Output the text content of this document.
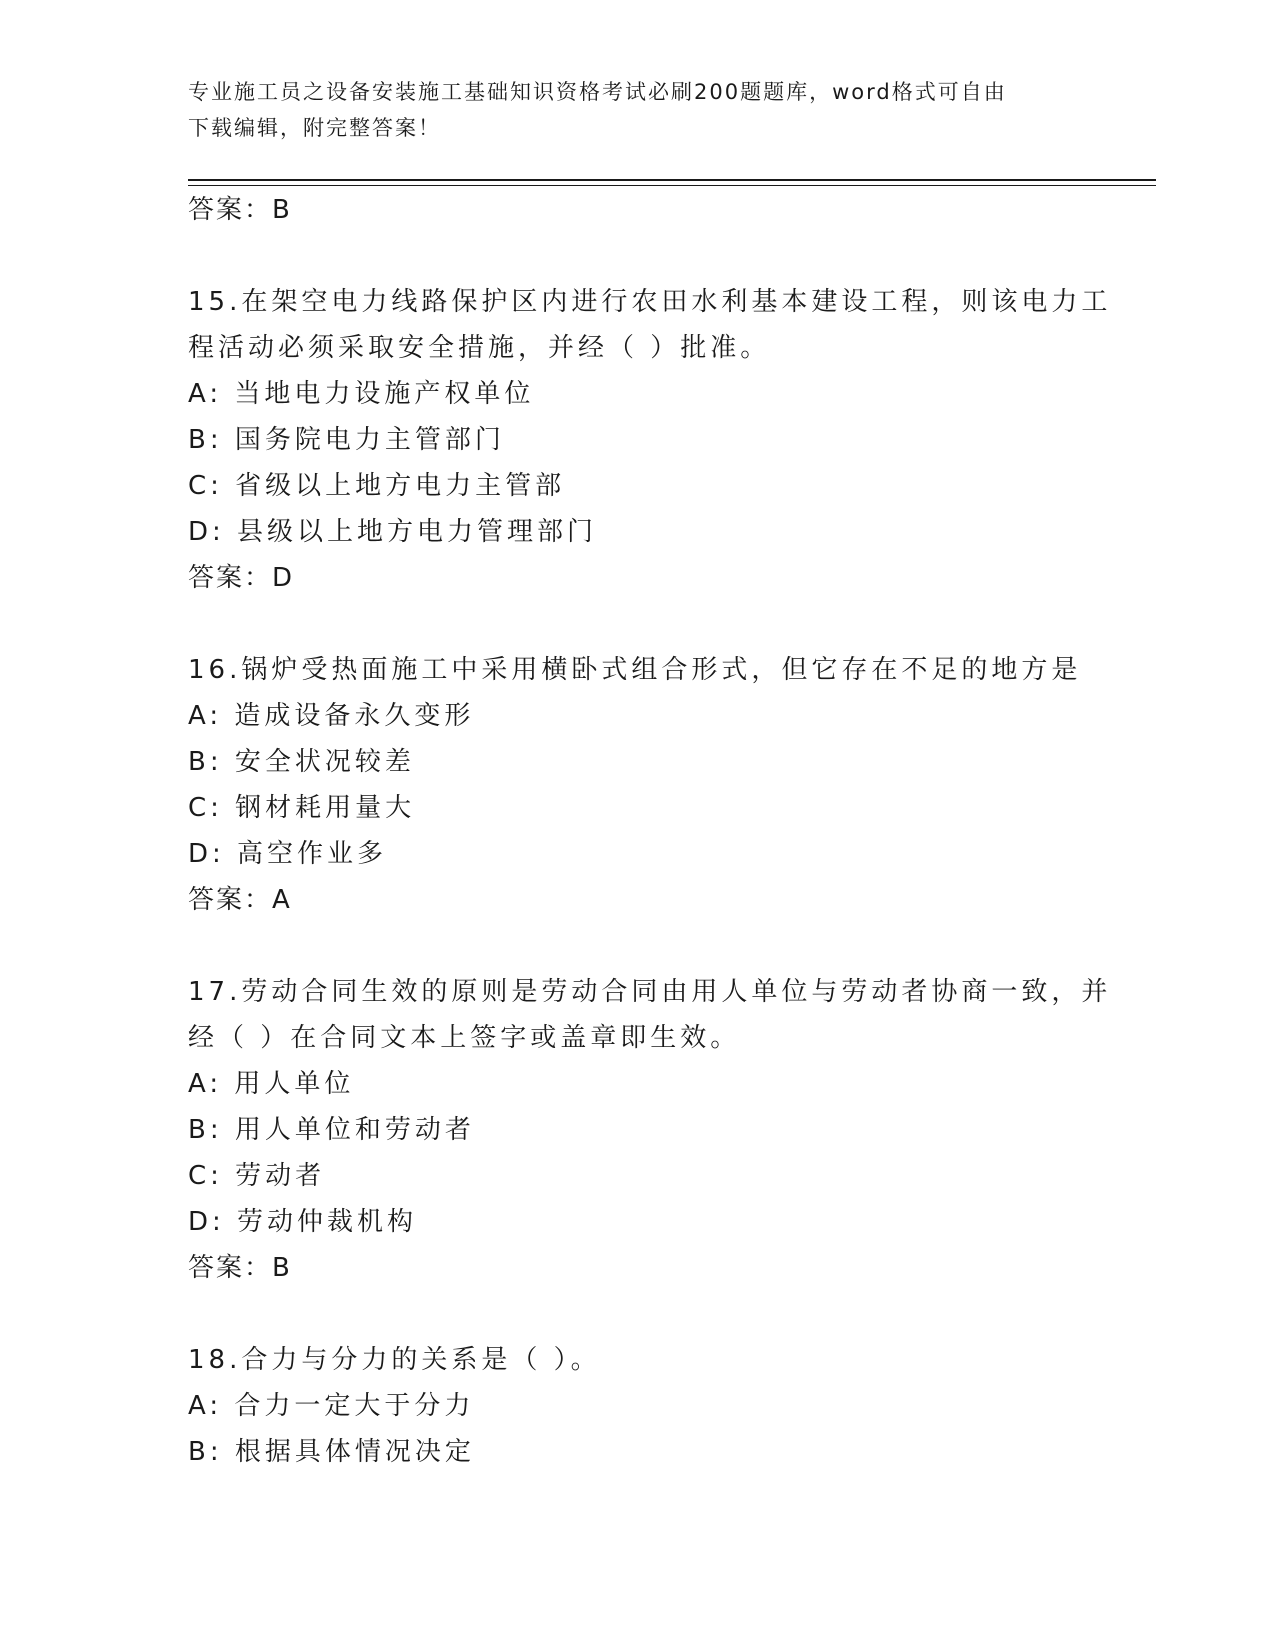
专业施工员之设备安装施工基础知识资格考试必刷200题题库，word格式可自由
下载编辑，附完整答案！
答案：B
15.在架空电力线路保护区内进行农田水利基本建设工程，则该电力工
程活动必须采取安全措施，并经（ ）批准。
A: 当地电力设施产权单位
B: 国务院电力主管部门
C: 省级以上地方电力主管部
D: 县级以上地方电力管理部门
答案：D
16.锅炉受热面施工中采用横卧式组合形式，但它存在不足的地方是
A: 造成设备永久变形
B: 安全状况较差
C: 钢材耗用量大
D: 高空作业多
答案：A
17.劳动合同生效的原则是劳动合同由用人单位与劳动者协商一致，并
经（ ）在合同文本上签字或盖章即生效。
A: 用人单位
B: 用人单位和劳动者
C: 劳动者
D: 劳动仲裁机构
答案：B
18.合力与分力的关系是（ ）。
A: 合力一定大于分力
B: 根据具体情况决定
